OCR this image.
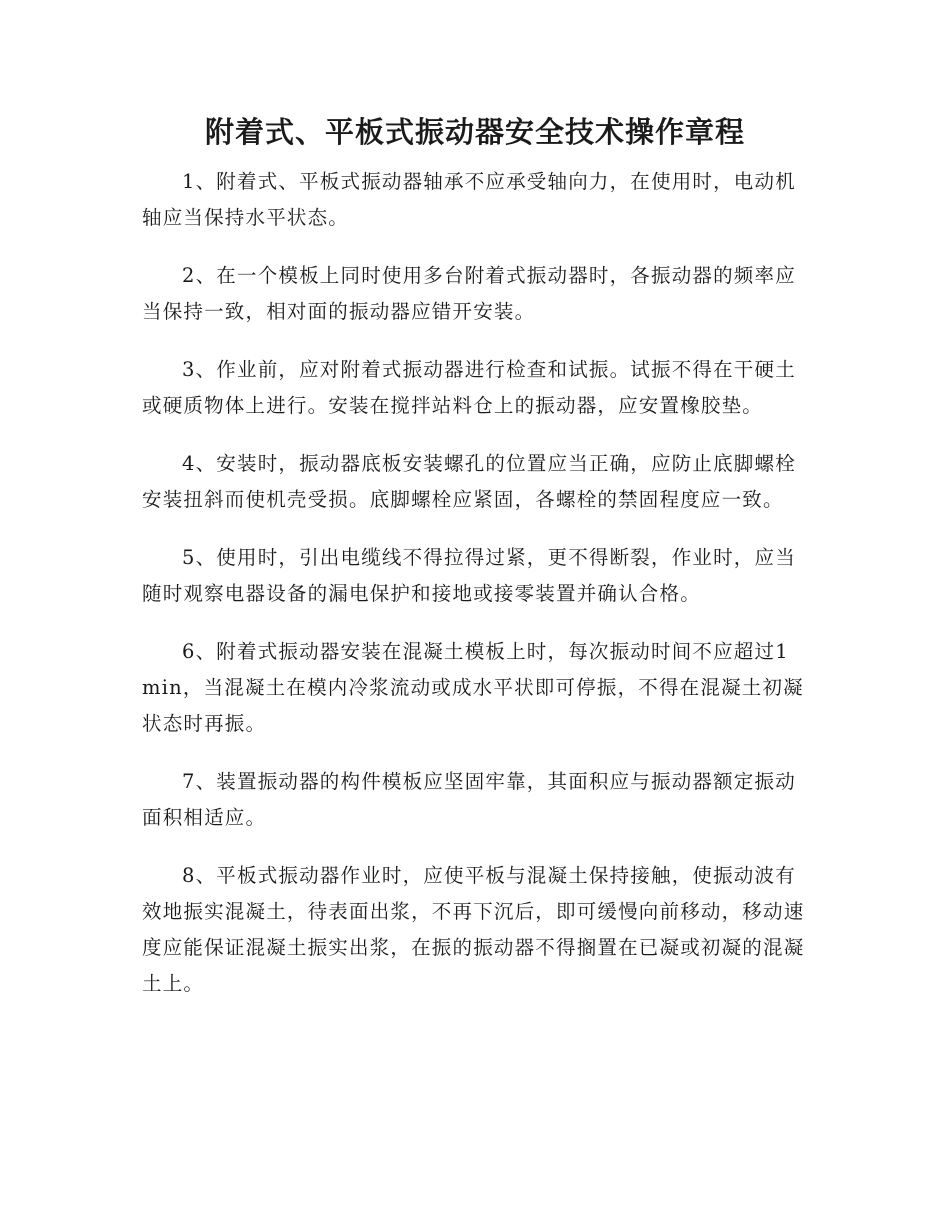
附着式、平板式振动器安全技术操作章程

1、附着式、平板式振动器轴承不应承受轴向力，在使用时，电动机轴应当保持水平状态。

2、在一个模板上同时使用多台附着式振动器时，各振动器的频率应当保持一致，相对面的振动器应错开安装。

3、作业前，应对附着式振动器进行检查和试振。试振不得在干硬土或硬质物体上进行。安装在搅拌站料仓上的振动器，应安置橡胶垫。

4、安装时，振动器底板安装螺孔的位置应当正确，应防止底脚螺栓安装扭斜而使机壳受损。底脚螺栓应紧固，各螺栓的禁固程度应一致。

5、使用时，引出电缆线不得拉得过紧，更不得断裂，作业时，应当随时观察电器设备的漏电保护和接地或接零装置并确认合格。

6、附着式振动器安装在混凝土模板上时，每次振动时间不应超过1min，当混凝土在模内冷浆流动或成水平状即可停振，不得在混凝土初凝状态时再振。

7、装置振动器的构件模板应坚固牢靠，其面积应与振动器额定振动面积相适应。

8、平板式振动器作业时，应使平板与混凝土保持接触，使振动波有效地振实混凝土，待表面出浆，不再下沉后，即可缓慢向前移动，移动速度应能保证混凝土振实出浆，在振的振动器不得搁置在已凝或初凝的混凝土上。
